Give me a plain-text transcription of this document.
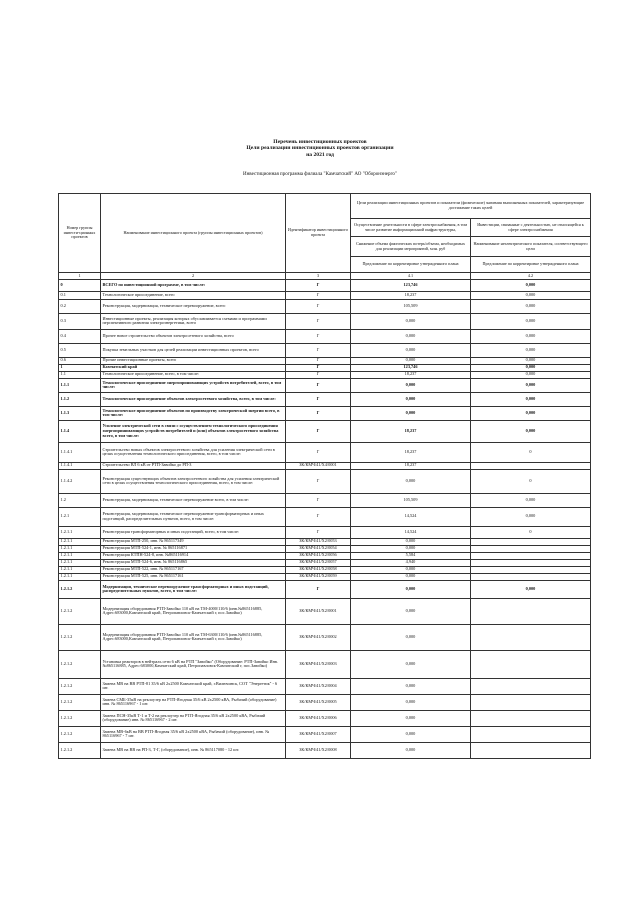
Перечень инвестиционных проектов
Цели реализации инвестиционных проектов организации
на 2021 год
Инвестиционная программа филиала "Камчатский" АО "Оборонэнерго"
Номер группы инвести-ционных проектов	Наименование инвестиционного проекта (группы инвестиционных проектов)	Идентификатор инвестиционного проекта	Цели реализации инвестиционных проектов и показатели (физические) значения выполненных показателей, характеризующие достижение таких целей	
			Осуществление деятельности в сфере электроснабжения, в том числе развитие информационной инфраструктуры,	Инвестиции, связанные с деятельностью, не относящейся к сфере электроснабжения
			Снижение объема фактических потерь/объема, необходимых для реализации мероприятий, млн. руб	Наименование неэлектрического показателя, соответствующего цели
			Предложение по корректировке утвержденного плана	Предложение по корректировке утвержденного плана
1	2	3	4.1	4.2
0	ВСЕГО по инвестиционной программе, в том числе:	Г	123,746	0,000
0.1	Технологическое присоединение, всего	Г	18,237	0,000
0.2	Реконструкция, модернизация, техническое перевооружение, всего	Г	105,509	0,000
0.3	Инвестиционные проекты, реализация которых обуславливается схемами и программами перспективного развития электроэнергетики, всего	Г	0,000	0,000
0.4	Прочее новое строительство объектов электросетевого хозяйства, всего	Г	0,000	0,000
0.5	Покупка земельных участков для целей реализации инвестиционных проектов, всего	Г	0,000	0,000
0.6	Прочие инвестиционные проекты, всего	Г	0,000	0,000
1	Камчатский край	Г	123,746	0,000
1.1	Технологическое присоединение, всего, в том числе:	Г	18,237	0,000
1.1.1	Технологическое присоединение энергопринимающих устройств потребителей, всего, в том числе:	Г	0,000	0,000
1.1.2	Технологическое присоединение объектов электросетевого хозяйства, всего, в том числе:	Г	0,000	0,000
1.1.3	Технологическое присоединение объектов по производству электрической энергии всего, в том числе:	Г	0,000	0,000
1.1.4	Усиление электрической сети в связи с осуществлением технологического присоединения энергопринимающих устройств потребителей и (или) объектов электросетевого хозяйства всего, в том числе:	Г	18,237	0,000
1.1.4.1	Строительство новых объектов электросетевого хозяйства для усиления электрической сети в целях осуществления технологического присоединения, всего, в том числе:	Г	18,237	0
1.1.4.1	Строительство ВЛ 6 кВ от РТП-Завойко до РП-3	ЗК/КМЧ/41/Х4/0001	18,237	
1.1.4.2	Реконструкция существующих объектов электросетевого хозяйства для усиления электрической сети в целях осуществления технологического присоединения, всего, в том числе:	Г	0,000	0
1.2	Реконструкция, модернизация, техническое перевооружение всего, в том числе:	Г	105,509	0,000
1.2.1	Реконструкция, модернизация, техническое перевооружение трансформаторных и иных подстанций, распределительных пунктов, всего, в том числе:	Г	14,524	0,000
1.2.1.1	Реконструкция трансформаторных и иных подстанций, всего, в том числе:	Г	14,524	0
1.2.1.1	Реконструкция МТП-250, инв. № 865117349	ЗК/КМЧ/41/Х2/0053	0,000	
1.2.1.1	Реконструкция МТП-524-1, инв. № 865116871	ЗК/КМЧ/41/Х2/0054	0,000	
1.2.1.1	Реконструкция КТПН-524-8, инв. №865116914	ЗК/КМЧ/41/Х2/0056	5,584	
1.2.1.1	Реконструкция МТП-524-6, инв. № 865116865	ЗК/КМЧ/41/Х2/0057	4,940	
1.2.1.1	Реконструкция МТП-522, инв. № 865117167	ЗК/КМЧ/41/Х2/0058	0,000	
1.2.1.1	Реконструкция МТП-525, инв. № 865117161	ЗК/КМЧ/41/Х2/0059	0,000	
1.2.1.2	Модернизация, техническое перевооружение трансформаторных и иных подстанций, распределительных пунктов, всего, в том числе:	Г	0,000	0,000
1.2.1.2	Модернизация оборудования РТП-Завойко 110 кВ на ТМ-4000/110/6 (инв.№865116885, Адрес:683000,Камчатский край, Петропавловск-Камчатский г, пос.Завойко)	ЗК/КМЧ/41/Х2/0001	0,000	
1.2.1.2	Модернизация оборудования РТП-Завойко 110 кВ на ТМ-6300/110/6 (инв.№865116885, Адрес:683000,Камчатский край, Петропавловск-Камчатский г, пос.Завойко)	ЗК/КМЧ/41/Х2/0002	0,000	
1.2.1.2	Установка реакторов в нейтраль сети 6 кВ на РТП "Завойко" (Оборудование: РТП-Завойко Инв.№865116885, Адрес:683000,Камчатский край, Петропавловск-Камчатский г, пос.Завойко)	ЗК/КМЧ/41/Х2/0003	0,000	
1.2.1.2	Замена МВ на ВВ РТП-81 35/6 кВ 2х2500 Камчатский край, г.Вилючинск, СОТ "Энергетик" - 6 шт.	ЗК/КМЧ/41/Х2/0004	0,000	
1.2.1.2	Замена СМБ-35кВ на реклоузер на РТП-Ягодная 35/6 кВ 2х2500 кВА, Рыбачий (оборудование) инв. № 865116967 - 1 шт.	ЗК/КМЧ/41/Х2/0005	0,000	
1.2.1.2	Замена ПСН-35кВ Т-1 и Т-2 на реклоузер на РТП-Ягодная 35/6 кВ 2х2500 кВА, Рыбачий (оборудование) инв. № 865116967 - 2 шт.	ЗК/КМЧ/41/Х2/0006	0,000	
1.2.1.2	Замена МВ-6кВ на ВВ РТП-Ягодная 35/6 кВ 2х2500 кВА, Рыбачий (оборудование), инв. № 865116967 - 7 шт.	ЗК/КМЧ/41/Х2/0007	0,000	
1.2.1.2	Замена МВ на ВВ на РП-3, Т-Г, (оборудование), инв. № 865117080 - 12 шт.	ЗК/КМЧ/41/Х2/0008	0,000	
